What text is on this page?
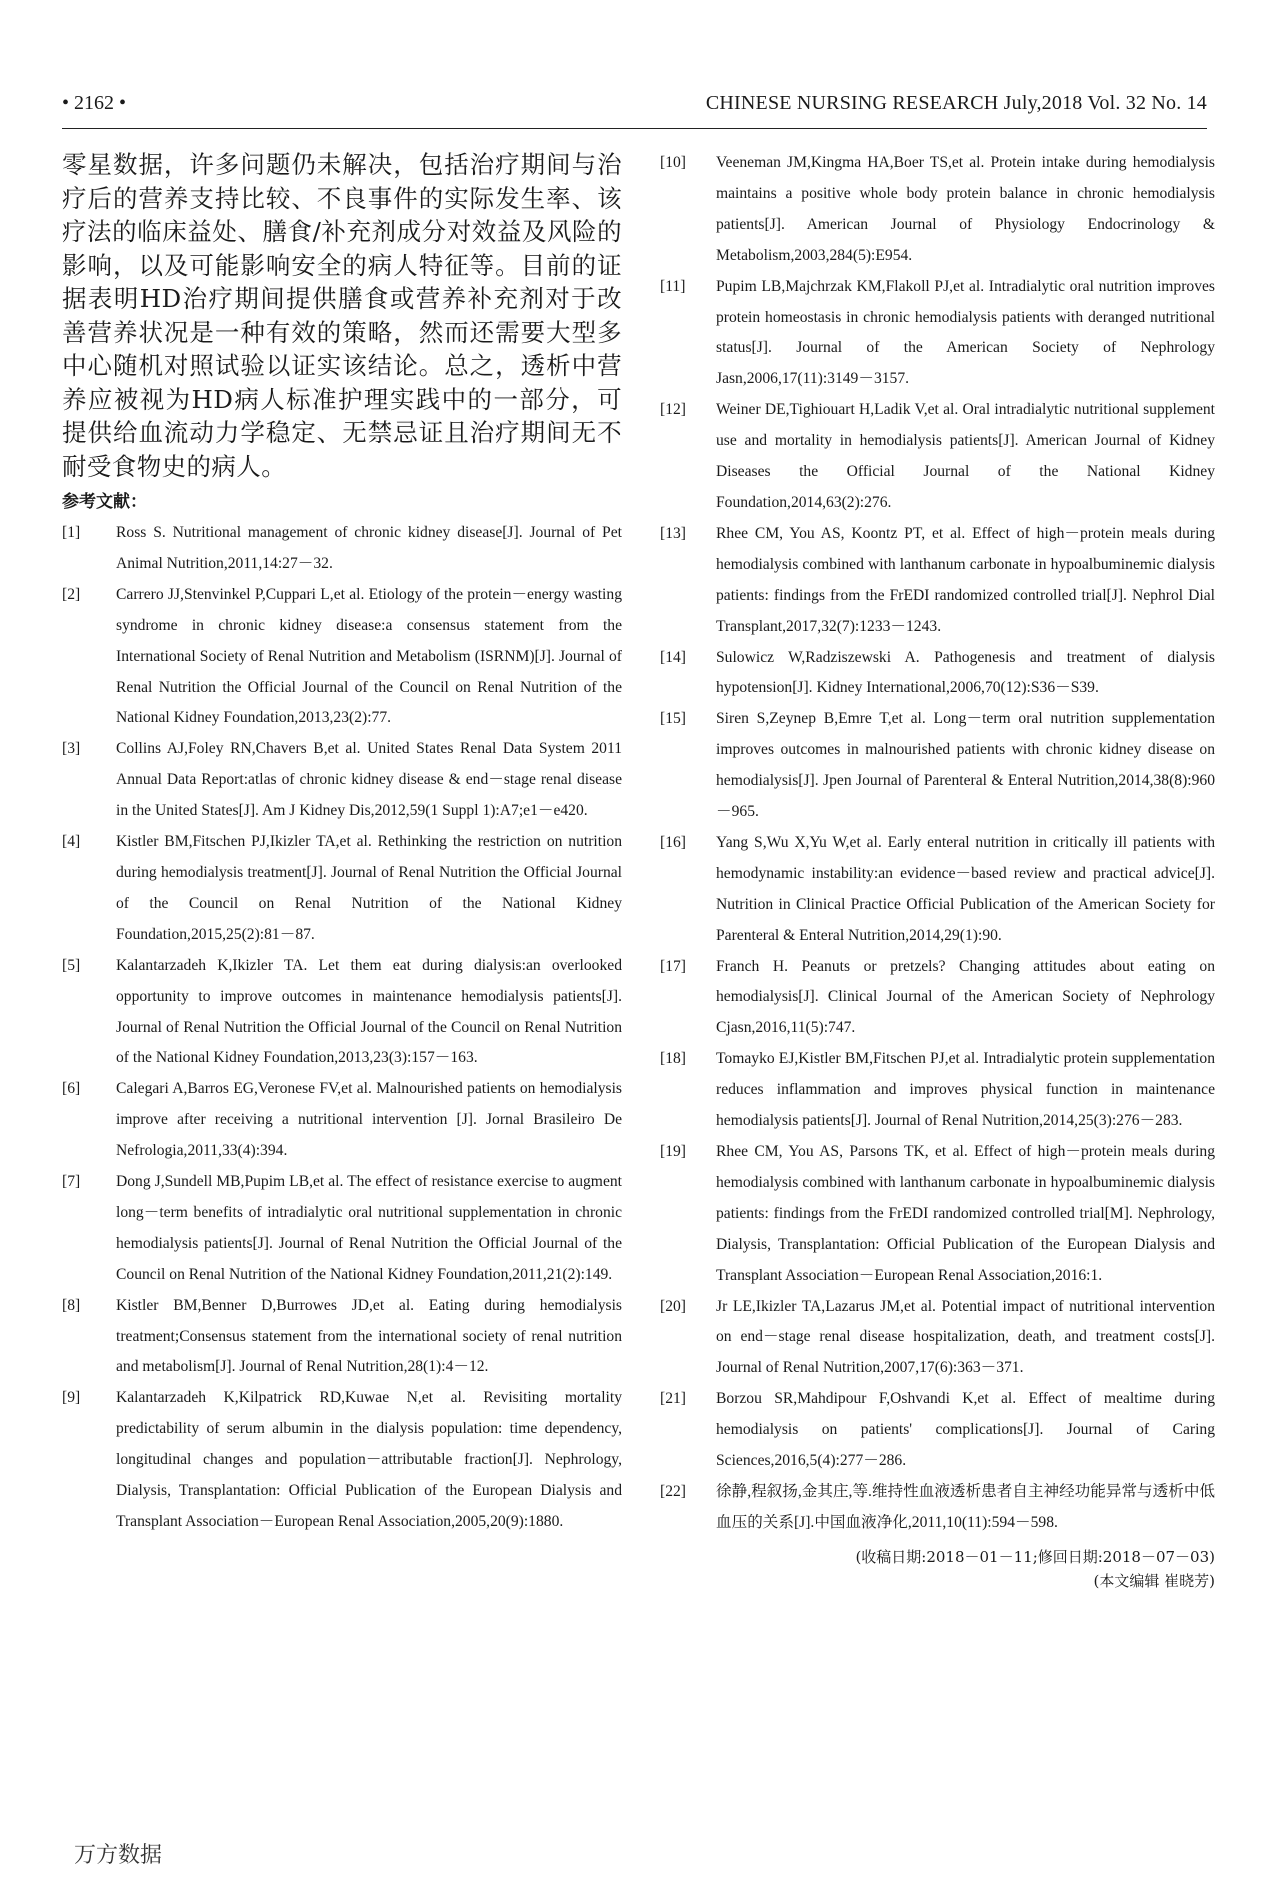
• 2162 •	CHINESE NURSING RESEARCH July,2018 Vol. 32 No. 14

零星数据，许多问题仍未解决，包括治疗期间与治疗后的营养支持比较、不良事件的实际发生率、该疗法的临床益处、膳食/补充剂成分对效益及风险的影响，以及可能影响安全的病人特征等。目前的证据表明HD治疗期间提供膳食或营养补充剂对于改善营养状况是一种有效的策略，然而还需要大型多中心随机对照试验以证实该结论。总之，透析中营养应被视为HD病人标准护理实践中的一部分，可提供给血流动力学稳定、无禁忌证且治疗期间无不耐受食物史的病人。

参考文献：
[1]	Ross S. Nutritional management of chronic kidney disease[J]. Journal of Pet Animal Nutrition,2011,14:27－32.
[2]	Carrero JJ,Stenvinkel P,Cuppari L,et al. Etiology of the protein－energy wasting syndrome in chronic kidney disease:a consensus statement from the International Society of Renal Nutrition and Metabolism (ISRNM)[J]. Journal of Renal Nutrition the Official Journal of the Council on Renal Nutrition of the National Kidney Foundation,2013,23(2):77.
[3]	Collins AJ,Foley RN,Chavers B,et al. United States Renal Data System 2011 Annual Data Report:atlas of chronic kidney disease & end－stage renal disease in the United States[J]. Am J Kidney Dis,2012,59(1 Suppl 1):A7;e1－e420.
[4]	Kistler BM,Fitschen PJ,Ikizler TA,et al. Rethinking the restriction on nutrition during hemodialysis treatment[J]. Journal of Renal Nutrition the Official Journal of the Council on Renal Nutrition of the National Kidney Foundation,2015,25(2):81－87.
[5]	Kalantarzadeh K,Ikizler TA. Let them eat during dialysis:an overlooked opportunity to improve outcomes in maintenance hemodialysis patients[J]. Journal of Renal Nutrition the Official Journal of the Council on Renal Nutrition of the National Kidney Foundation,2013,23(3):157－163.
[6]	Calegari A,Barros EG,Veronese FV,et al. Malnourished patients on hemodialysis improve after receiving a nutritional intervention [J]. Jornal Brasileiro De Nefrologia,2011,33(4):394.
[7]	Dong J,Sundell MB,Pupim LB,et al. The effect of resistance exercise to augment long－term benefits of intradialytic oral nutritional supplementation in chronic hemodialysis patients[J]. Journal of Renal Nutrition the Official Journal of the Council on Renal Nutrition of the National Kidney Foundation,2011,21(2):149.
[8]	Kistler BM,Benner D,Burrowes JD,et al. Eating during hemodialysis treatment;Consensus statement from the international society of renal nutrition and metabolism[J]. Journal of Renal Nutrition,28(1):4－12.
[9]	Kalantarzadeh K,Kilpatrick RD,Kuwae N,et al. Revisiting mortality predictability of serum albumin in the dialysis population: time dependency, longitudinal changes and population－attributable fraction[J]. Nephrology, Dialysis, Transplantation: Official Publication of the European Dialysis and Transplant Association－European Renal Association,2005,20(9):1880.
[10]	Veeneman JM,Kingma HA,Boer TS,et al. Protein intake during hemodialysis maintains a positive whole body protein balance in chronic hemodialysis patients[J]. American Journal of Physiology Endocrinology & Metabolism,2003,284(5):E954.
[11]	Pupim LB,Majchrzak KM,Flakoll PJ,et al. Intradialytic oral nutrition improves protein homeostasis in chronic hemodialysis patients with deranged nutritional status[J]. Journal of the American Society of Nephrology Jasn,2006,17(11):3149－3157.
[12]	Weiner DE,Tighiouart H,Ladik V,et al. Oral intradialytic nutritional supplement use and mortality in hemodialysis patients[J]. American Journal of Kidney Diseases the Official Journal of the National Kidney Foundation,2014,63(2):276.
[13]	Rhee CM, You AS, Koontz PT, et al. Effect of high－protein meals during hemodialysis combined with lanthanum carbonate in hypoalbuminemic dialysis patients: findings from the FrEDI randomized controlled trial[J]. Nephrol Dial Transplant,2017,32(7):1233－1243.
[14]	Sulowicz W,Radziszewski A. Pathogenesis and treatment of dialysis hypotension[J]. Kidney International,2006,70(12):S36－S39.
[15]	Siren S,Zeynep B,Emre T,et al. Long－term oral nutrition supplementation improves outcomes in malnourished patients with chronic kidney disease on hemodialysis[J]. Jpen Journal of Parenteral & Enteral Nutrition,2014,38(8):960－965.
[16]	Yang S,Wu X,Yu W,et al. Early enteral nutrition in critically ill patients with hemodynamic instability:an evidence－based review and practical advice[J]. Nutrition in Clinical Practice Official Publication of the American Society for Parenteral & Enteral Nutrition,2014,29(1):90.
[17]	Franch H. Peanuts or pretzels? Changing attitudes about eating on hemodialysis[J]. Clinical Journal of the American Society of Nephrology Cjasn,2016,11(5):747.
[18]	Tomayko EJ,Kistler BM,Fitschen PJ,et al. Intradialytic protein supplementation reduces inflammation and improves physical function in maintenance hemodialysis patients[J]. Journal of Renal Nutrition,2014,25(3):276－283.
[19]	Rhee CM, You AS, Parsons TK, et al. Effect of high－protein meals during hemodialysis combined with lanthanum carbonate in hypoalbuminemic dialysis patients: findings from the FrEDI randomized controlled trial[M]. Nephrology, Dialysis, Transplantation: Official Publication of the European Dialysis and Transplant Association－European Renal Association,2016:1.
[20]	Jr LE,Ikizler TA,Lazarus JM,et al. Potential impact of nutritional intervention on end－stage renal disease hospitalization, death, and treatment costs[J]. Journal of Renal Nutrition,2007,17(6):363－371.
[21]	Borzou SR,Mahdipour F,Oshvandi K,et al. Effect of mealtime during hemodialysis on patients' complications[J]. Journal of Caring Sciences,2016,5(4):277－286.
[22]	徐静,程叙扬,金其庄,等.维持性血液透析患者自主神经功能异常与透析中低血压的关系[J].中国血液净化,2011,10(11):594－598.
(收稿日期:2018－01－11;修回日期:2018－07－03)
(本文编辑 崔晓芳)
万方数据
